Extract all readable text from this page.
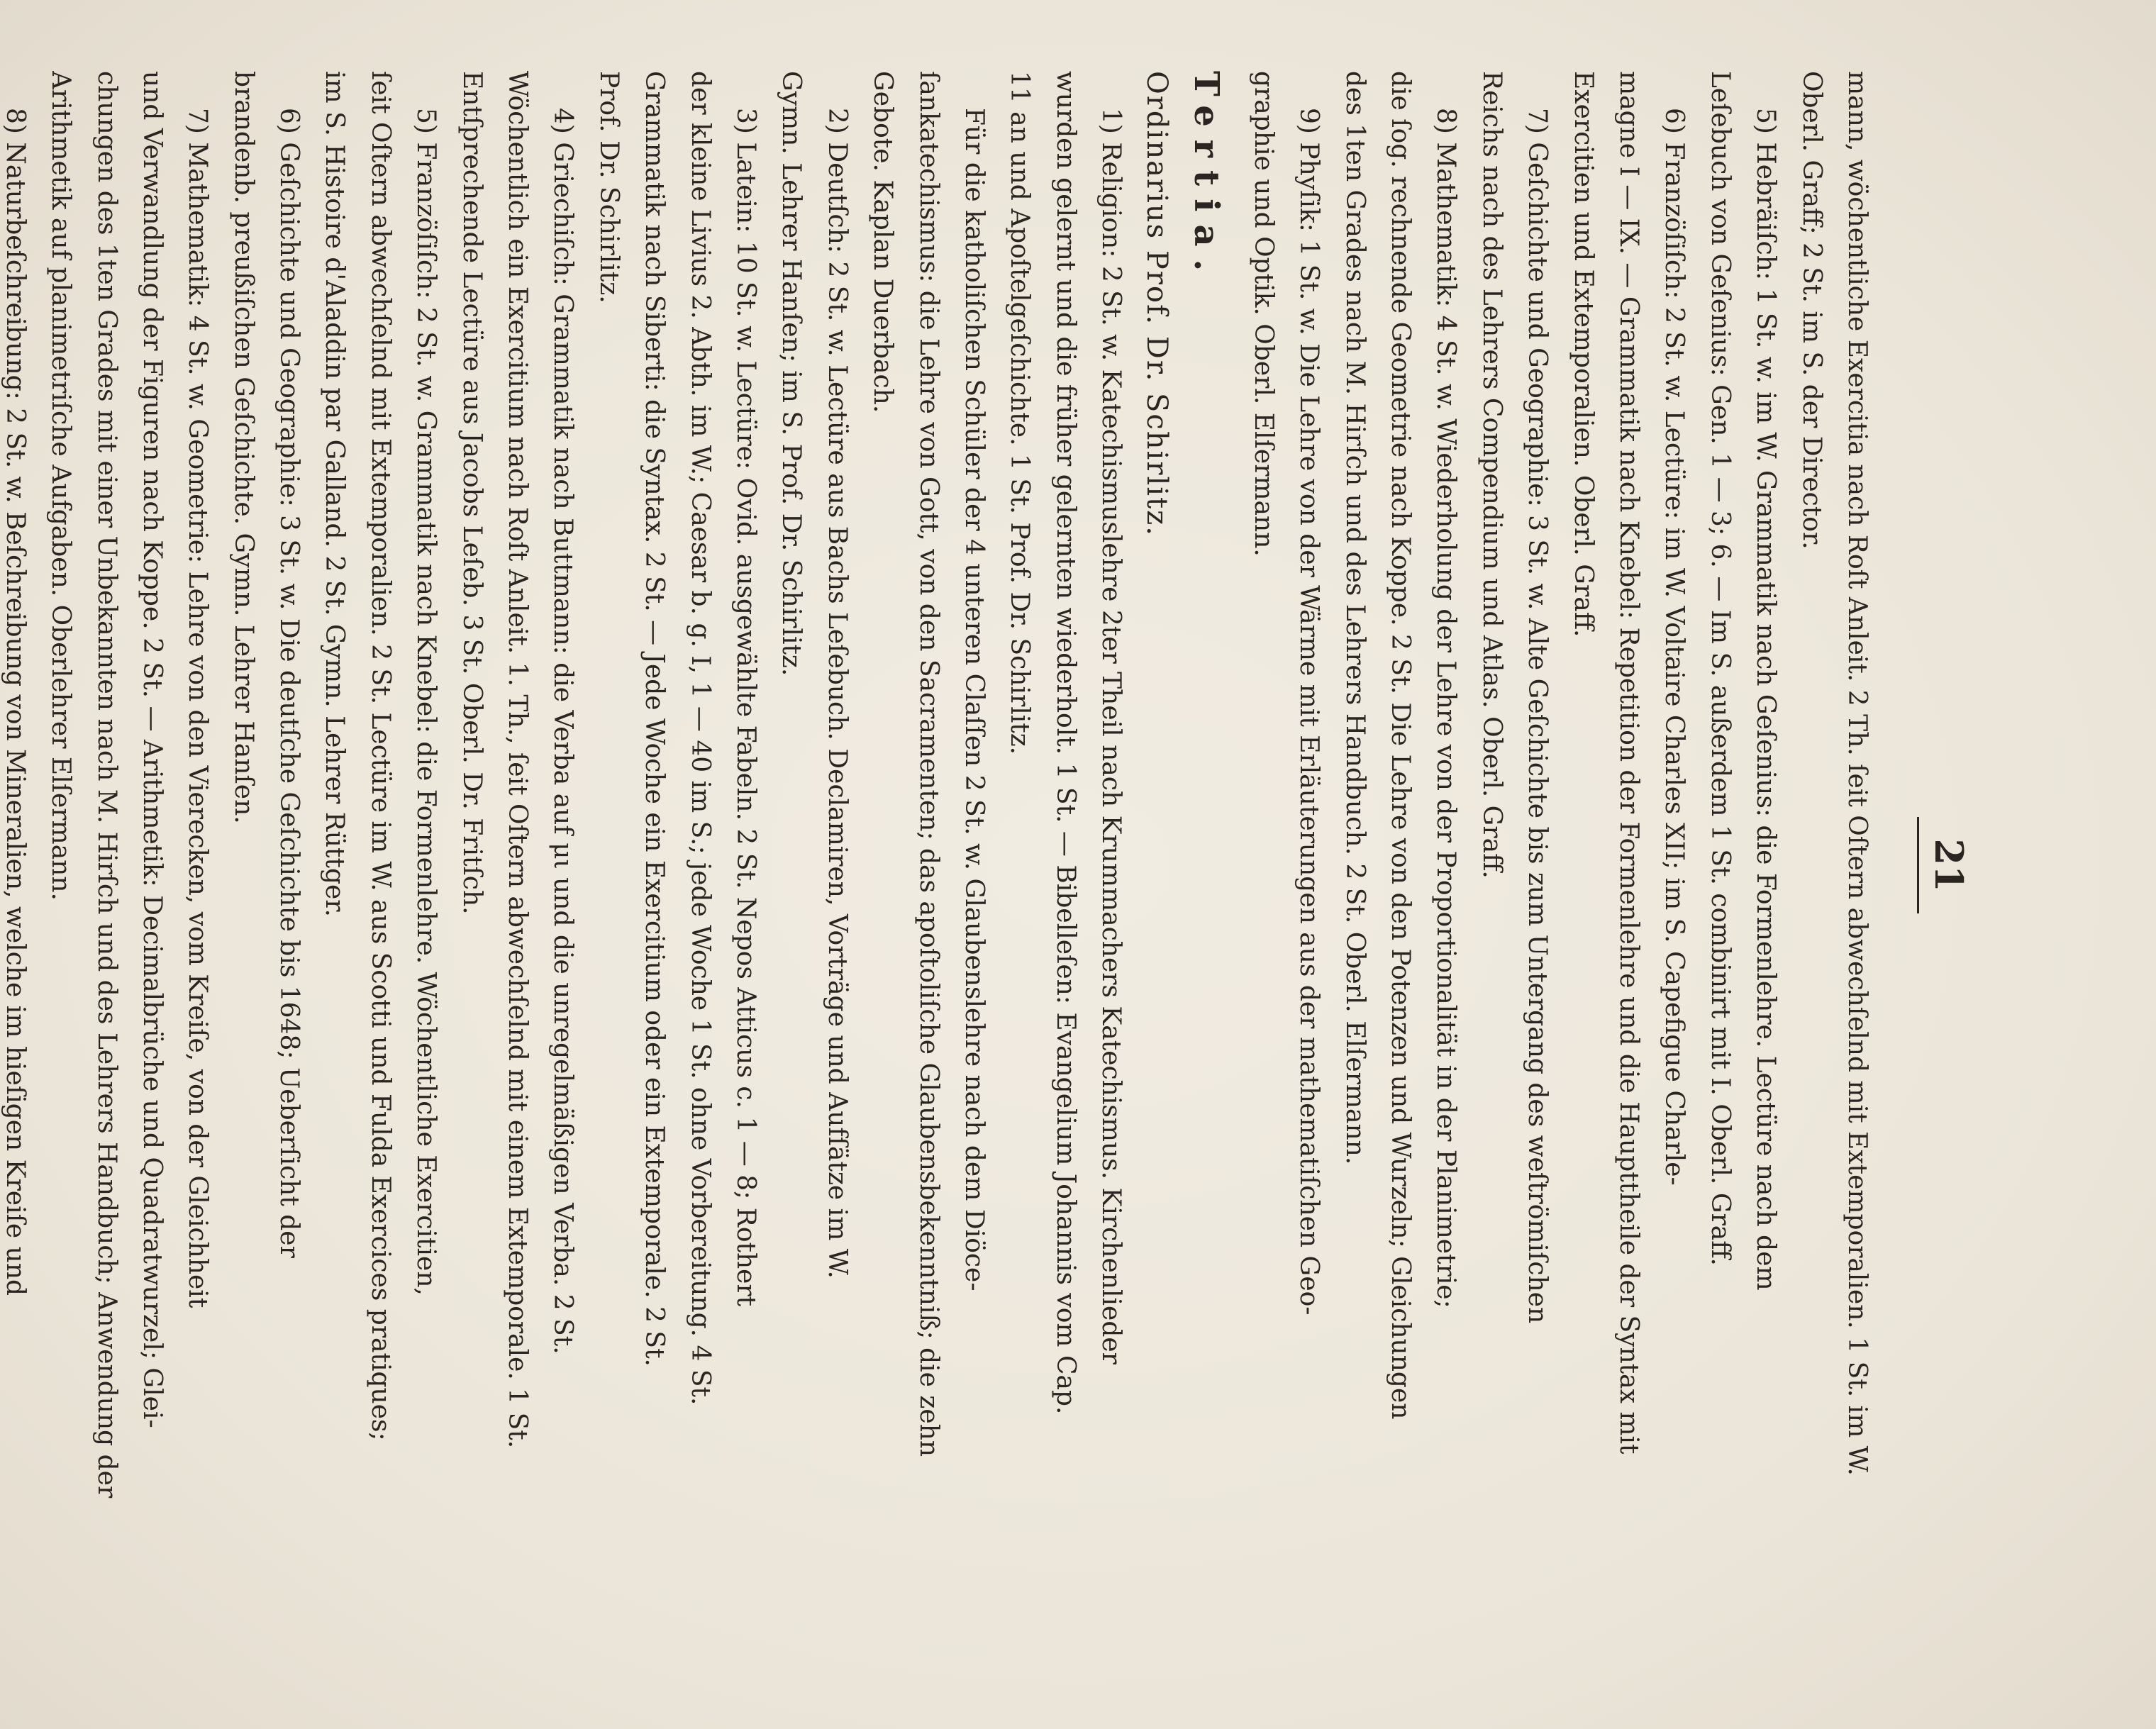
21
mann, wöchentliche Exercitia nach Roſt Anleit. 2 Th. ſeit Oſtern abwechſelnd mit Extemporalien. 1 St. im W.
Oberl. Graff; 2 St. im S. der Director.
5) Hebräiſch: 1 St. w. im W. Grammatik nach Geſenius: die Formenlehre. Lectüre nach dem
Leſebuch von Geſenius: Gen. 1 — 3; 6. — Im S. außerdem 1 St. combinirt mit I. Oberl. Graff.
6) Franzöſiſch: 2 St. w. Lectüre: im W. Voltaire Charles XII; im S. Capefigue Charle-
magne I — IX. — Grammatik nach Knebel: Repetition der Formenlehre und die Haupttheile der Syntax mit
Exercitien und Extemporalien. Oberl. Graff.
7) Geſchichte und Geographie: 3 St. w. Alte Geſchichte bis zum Untergang des weſtrömiſchen
Reichs nach des Lehrers Compendium und Atlas. Oberl. Graff.
8) Mathematik: 4 St. w. Wiederholung der Lehre von der Proportionalität in der Planimetrie;
die ſog. rechnende Geometrie nach Koppe. 2 St. Die Lehre von den Potenzen und Wurzeln; Gleichungen
des 1ten Grades nach M. Hirſch und des Lehrers Handbuch. 2 St. Oberl. Elſermann.
9) Phyſik: 1 St. w. Die Lehre von der Wärme mit Erläuterungen aus der mathematiſchen Geo-
graphie und Optik. Oberl. Elſermann.
Tertia.
Ordinarius Prof. Dr. Schirlitz.
1) Religion: 2 St. w. Katechismuslehre 2ter Theil nach Krummachers Katechismus. Kirchenlieder
wurden gelernt und die früher gelernten wiederholt. 1 St. — Bibelleſen: Evangelium Johannis vom Cap.
11 an und Apoſtelgeſchichte. 1 St. Prof. Dr. Schirlitz.
Für die katholiſchen Schüler der 4 unteren Claſſen 2 St. w. Glaubenslehre nach dem Diöce-
ſankatechismus: die Lehre von Gott, von den Sacramenten; das apoſtoliſche Glaubensbekenntniß; die zehn
Gebote. Kaplan Duerbach.
2) Deutſch: 2 St. w. Lectüre aus Bachs Leſebuch. Declamiren, Vorträge und Aufſätze im W.
Gymn. Lehrer Hanſen; im S. Prof. Dr. Schirlitz.
3) Latein: 10 St. w. Lectüre: Ovid. ausgewählte Fabeln. 2 St. Nepos Atticus c. 1 — 8; Rothert
der kleine Livius 2. Abth. im W.; Caesar b. g. I, 1 — 40 im S.; jede Woche 1 St. ohne Vorbereitung. 4 St.
Grammatik nach Siberti: die Syntax. 2 St. — Jede Woche ein Exercitium oder ein Extemporale. 2 St.
Prof. Dr. Schirlitz.
4) Griechiſch: Grammatik nach Buttmann: die Verba auf μι und die unregelmäßigen Verba. 2 St.
Wöchentlich ein Exercitium nach Roſt Anleit. 1. Th., ſeit Oſtern abwechſelnd mit einem Extemporale. 1 St.
Entſprechende Lectüre aus Jacobs Leſeb. 3 St. Oberl. Dr. Fritſch.
5) Franzöſiſch: 2 St. w. Grammatik nach Knebel: die Formenlehre. Wöchentliche Exercitien,
ſeit Oſtern abwechſelnd mit Extemporalien. 2 St. Lectüre im W. aus Scotti und Fulda Exercices pratiques;
im S. Histoire d'Aladdin par Galland. 2 St. Gymn. Lehrer Rüttger.
6) Geſchichte und Geographie: 3 St. w. Die deutſche Geſchichte bis 1648; Ueberſicht der
brandenb. preußiſchen Geſchichte. Gymn. Lehrer Hanſen.
7) Mathematik: 4 St. w. Geometrie: Lehre von den Vierecken, vom Kreiſe, von der Gleichheit
und Verwandlung der Figuren nach Koppe. 2 St. — Arithmetik: Decimalbrüche und Quadratwurzel; Glei-
chungen des 1ten Grades mit einer Unbekannten nach M. Hirſch und des Lehrers Handbuch; Anwendung der
Arithmetik auf planimetriſche Aufgaben. Oberlehrer Elſermann.
8) Naturbeſchreibung: 2 St. w. Beſchreibung von Mineralien, welche im hieſigen Kreiſe und
